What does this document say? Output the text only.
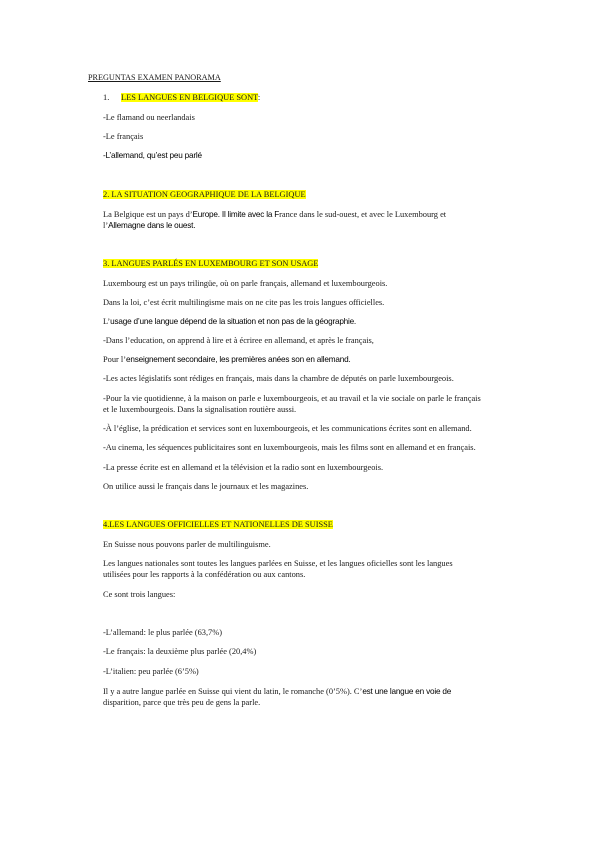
PREGUNTAS EXAMEN PANORAMA
1. LES LANGUES EN BELGIQUE SONT:
-Le flamand ou neerlandais
-Le français
-L’allemand, qu’est peu parlé
2. LA SITUATION GEOGRAPHIQUE DE LA BELGIQUE
La Belgique est un pays d’Europe. Il limite avec la France dans le sud-ouest, et avec le Luxembourg et
l’Allemagne dans le ouest.
3. LANGUES PARLÉS EN LUXEMBOURG ET SON USAGE
Luxembourg est un pays trilingüe, où on parle français, allemand et luxembourgeois.
Dans la loi, c’est écrit multilingisme mais on ne cite pas les trois langues officielles.
L’usage d’une langue dépend de la situation et non pas de la géographie.
-Dans l’education, on apprend à lire et à écriree en allemand, et après le français,
Pour l’enseignement secondaire, les premières anées son en allemand.
-Les actes législatifs sont rédiges en français, mais dans la chambre de députés on parle luxembourgeois.
-Pour la vie quotidienne, à la maison on parle e luxembourgeois, et au travail et la vie sociale on parle le français
et le luxembourgeois. Dans la signalisation routière aussi.
-À l’église, la prédication et services sont en luxembourgeois, et les communications écrites sont en allemand.
-Au cinema, les séquences publicitaires sont en luxembourgeois, mais les films sont en allemand et en français.
-La presse écrite est en allemand et la télévision et la radio sont en luxembourgeois.
On utilice aussi le français dans le journaux et les magazines.
4.LES LANGUES OFFICIELLES ET NATIONELLES DE SUISSE
En Suisse nous pouvons parler de multilinguisme.
Les langues nationales sont toutes les langues parlées en Suisse, et les langues oficielles sont les langues
utilisées pour les rapports à la confédération ou aux cantons.
Ce sont trois langues:
-L’allemand: le plus parlée (63,7%)
-Le français: la deuxième plus parlée (20,4%)
-L’italien: peu parlée (6’5%)
Il y a autre langue parlée en Suisse qui vient du latin, le romanche (0’5%). C’est une langue en voie de
disparition, parce que très peu de gens la parle.
